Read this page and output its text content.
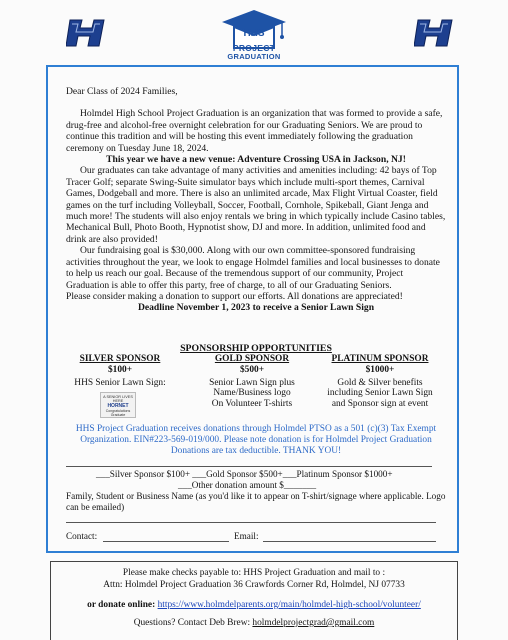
HHS
PROJECT
GRADUATION

Dear Class of 2024 Families,

Holmdel High School Project Graduation is an organization that was formed to provide a safe, drug-free and alcohol-free overnight celebration for our Graduating Seniors. We are proud to continue this tradition and will be hosting this event immediately following the graduation ceremony on Tuesday June 18, 2024.

This year we have a new venue: Adventure Crossing USA in Jackson, NJ!

Our graduates can take advantage of many activities and amenities including: 42 bays of Top Tracer Golf; separate Swing-Suite simulator bays which include multi-sport themes, Carnival Games, Dodgeball and more. There is also an unlimited arcade, Max Flight Virtual Coaster, field games on the turf including Volleyball, Soccer, Football, Cornhole, Spikeball, Giant Jenga and much more! The students will also enjoy rentals we bring in which typically include Casino tables, Mechanical Bull, Photo Booth, Hypnotist show, DJ and more. In addition, unlimited food and drink are also provided!

Our fundraising goal is $30,000. Along with our own committee-sponsored fundraising activities throughout the year, we look to engage Holmdel families and local businesses to donate to help us reach our goal. Because of the tremendous support of our community, Project Graduation is able to offer this party, free of charge, to all of our Graduating Seniors.

Please consider making a donation to support our efforts. All donations are appreciated!

Deadline November 1, 2023 to receive a Senior Lawn Sign

SPONSORSHIP OPPORTUNITIES
SILVER SPONSOR
$100+
HHS Senior Lawn Sign:
A SENIOR LIVES HERE
HORNET
Congratulations Graduate
GOLD SPONSOR
$500+
Senior Lawn Sign plus
Name/Business logo
On Volunteer T-shirts
PLATINUM SPONSOR
$1000+
Gold & Silver benefits
including Senior Lawn Sign
and Sponsor sign at event
HHS Project Graduation receives donations through Holmdel PTSO as a 501 (c)(3) Tax Exempt Organization. EIN#223-569-019/000. Please note donation is for Holmdel Project Graduation Donations are tax deductible. THANK YOU!
___Silver Sponsor $100+ ___Gold Sponsor $500+___Platinum Sponsor $1000+
___Other donation amount $_______
Family, Student or Business Name (as you'd like it to appear on T-shirt/signage where applicable. Logo can be emailed)
Contact:	Email:
Please make checks payable to: HHS Project Graduation and mail to :
Attn: Holmdel Project Graduation 36 Crawfords Corner Rd, Holmdel, NJ 07733
or donate online: https://www.holmdelparents.org/main/holmdel-high-school/volunteer/
Questions? Contact Deb Brew: holmdelprojectgrad@gmail.com
